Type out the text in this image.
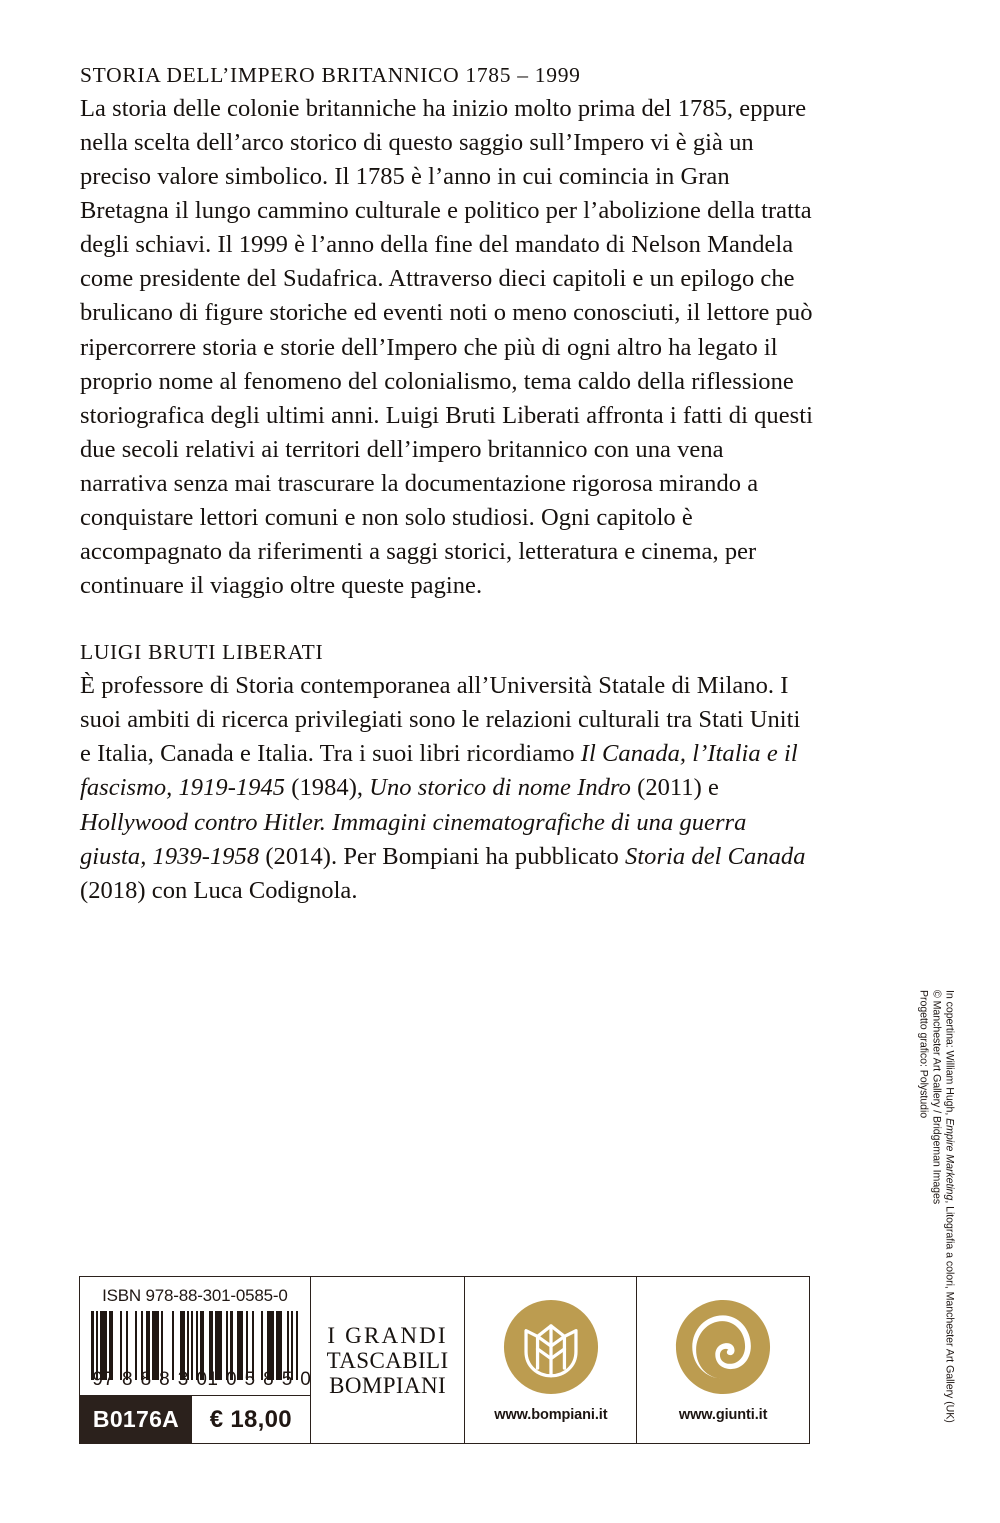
STORIA DELL’IMPERO BRITANNICO 1785 – 1999

La storia delle colonie britanniche ha inizio molto prima del 1785, eppure nella scelta dell’arco storico di questo saggio sull’Impero vi è già un preciso valore simbolico. Il 1785 è l’anno in cui comincia in Gran Bretagna il lungo cammino culturale e politico per l’abolizione della tratta degli schiavi. Il 1999 è l’anno della fine del mandato di Nelson Mandela come presidente del Sudafrica. Attraverso dieci capitoli e un epilogo che brulicano di figure storiche ed eventi noti o meno conosciuti, il lettore può ripercorrere storia e storie dell’Impero che più di ogni altro ha legato il proprio nome al fenomeno del colonialismo, tema caldo della riflessione storiografica degli ultimi anni. Luigi Bruti Liberati affronta i fatti di questi due secoli relativi ai territori dell’impero britannico con una vena narrativa senza mai trascurare la documentazione rigorosa mirando a conquistare lettori comuni e non solo studiosi. Ogni capitolo è accompagnato da riferimenti a saggi storici, letteratura e cinema, per continuare il viaggio oltre queste pagine.

LUIGI BRUTI LIBERATI

È professore di Storia contemporanea all’Università Statale di Milano. I suoi ambiti di ricerca privilegiati sono le relazioni culturali tra Stati Uniti e Italia, Canada e Italia. Tra i suoi libri ricordiamo Il Canada, l’Italia e il fascismo, 1919-1945 (1984), Uno storico di nome Indro (2011) e Hollywood contro Hitler. Immagini cinematografiche di una guerra giusta, 1939-1958 (2014). Per Bompiani ha pubblicato Storia del Canada (2018) con Luca Codignola.

ISBN 978-88-301-0585-0
9 7 8 8 8 3 0 1 0 5 8 5 0
B0176A	€ 18,00
I GRANDI
TASCABILI
BOMPIANI
www.bompiani.it	www.giunti.it
In copertina: William Hugh, Empire Marketing, Litografia a colori, Manchester Art Gallery (UK)
© Manchester Art Gallery / Bridgeman Images
Progetto grafico: Polystudio
